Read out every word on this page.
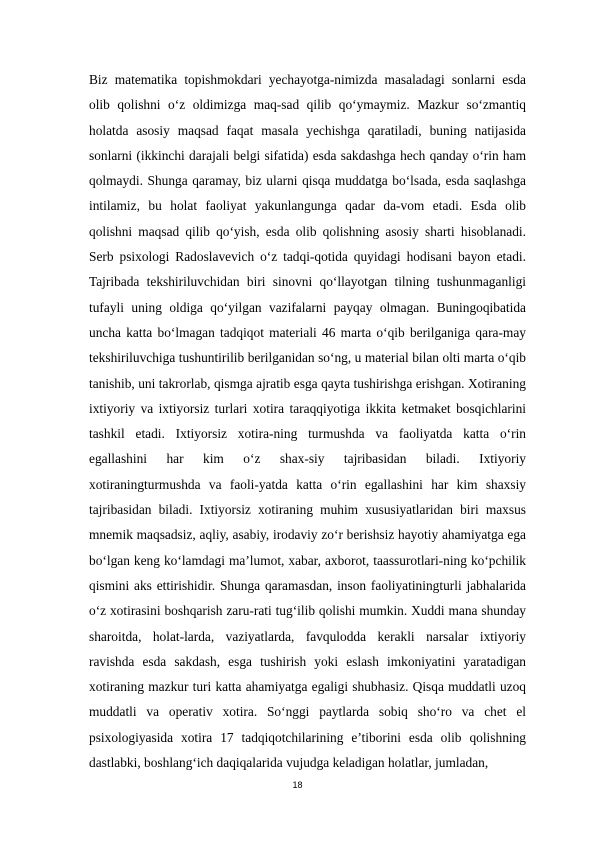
Biz matematika topishmokdari yechayotga-nimizda masaladagi sonlarni esda olib qolishni o‘z oldimizga maq-sad qilib qo‘ymaymiz. Mazkur so‘zmantiq holatda asosiy maqsad faqat masala yechishga qaratiladi, buning natijasida sonlarni (ikkinchi darajali belgi sifatida) esda sakdashga hech qanday o‘rin ham qolmaydi. Shunga qaramay, biz ularni qisqa muddatga bo‘lsada, esda saqlashga intilamiz, bu holat faoliyat yakunlangunga qadar da-vom etadi. Esda olib qolishni maqsad qilib qo‘yish, esda olib qolishning asosiy sharti hisoblanadi. Serb psixologi Radoslavevich o‘z tadqi-qotida quyidagi hodisani bayon etadi. Tajribada tekshiriluvchidan biri sinovni qo‘llayotgan tilning tushunmaganligi tufayli uning oldiga qo‘yilgan vazifalarni payqay olmagan. Buningoqibatida uncha katta bo‘lmagan tadqiqot materiali 46 marta o‘qib berilganiga qara-may tekshiriluvchiga tushuntirilib berilganidan so‘ng, u material bilan olti marta o‘qib tanishib, uni takrorlab, qismga ajratib esga qayta tushirishga erishgan. Xotiraning ixtiyoriy va ixtiyorsiz turlari xotira taraqqiyotiga ikkita ketmaket bosqichlarini tashkil etadi. Ixtiyorsiz xotira-ning turmushda va faoliyatda katta o‘rin egallashini har kim o‘z shax-siy tajribasidan biladi. Ixtiyoriy xotiraningturmushda va faoli-yatda katta o‘rin egallashini har kim shaxsiy tajribasidan biladi. Ixtiyorsiz xotiraning muhim xususiyatlaridan biri maxsus mnemik maqsadsiz, aqliy, asabiy, irodaviy zo‘r berishsiz hayotiy ahamiyatga ega bo‘lgan keng ko‘lamdagi ma’lumot, xabar, axborot, taassurotlari-ning ko‘pchilik qismini aks ettirishidir. Shunga qaramasdan, inson faoliyatiningturli jabhalarida o‘z xotirasini boshqarish zaru-rati tug‘ilib qolishi mumkin. Xuddi mana shunday sharoitda, holat-larda, vaziyatlarda, favqulodda kerakli narsalar ixtiyoriy ravishda esda sakdash, esga tushirish yoki eslash imkoniyatini yaratadigan xotiraning mazkur turi katta ahamiyatga egaligi shubhasiz. Qisqa muddatli uzoq muddatli va operativ xotira. So‘nggi paytlarda sobiq sho‘ro va chet el psixologiyasida xotira 17 tadqiqotchilarining e’tiborini esda olib qolishning dastlabki, boshlang‘ich daqiqalarida vujudga keladigan holatlar, jumladan,

18
